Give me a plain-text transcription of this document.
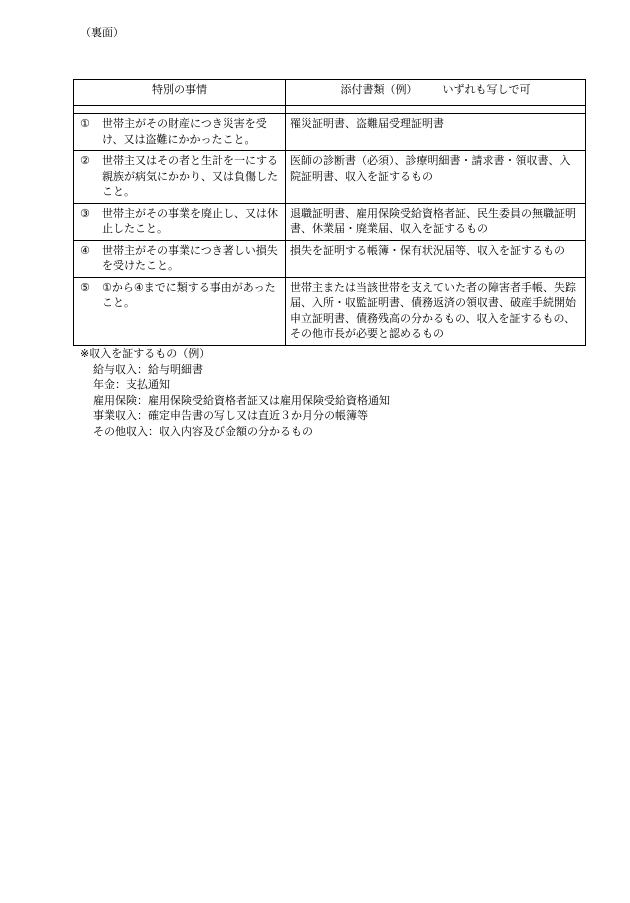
（裏面）
特別の事情	添付書類（例） いずれも写しで可

① 世帯主がその財産につき災害を受け、又は盗難にかかったこと。	罹災証明書、盗難届受理証明書

② 世帯主又はその者と生計を一にする親族が病気にかかり、又は負傷したこと。	医師の診断書（必須）、診療明細書・請求書・領収書、入院証明書、収入を証するもの

③ 世帯主がその事業を廃止し、又は休止したこと。	退職証明書、雇用保険受給資格者証、民生委員の無職証明書、休業届・廃業届、収入を証するもの

④ 世帯主がその事業につき著しい損失を受けたこと。	損失を証明する帳簿・保有状況届等、収入を証するもの

⑤ ①から④までに類する事由があったこと。	世帯主または当該世帯を支えていた者の障害者手帳、失踪届、入所・収監証明書、債務返済の領収書、破産手続開始申立証明書、債務残高の分かるもの、収入を証するもの、その他市長が必要と認めるもの
※収入を証するもの（例）
給与収入：給与明細書
年金：支払通知
雇用保険：雇用保険受給資格者証又は雇用保険受給資格通知
事業収入：確定申告書の写し又は直近３か月分の帳簿等
その他収入：収入内容及び金額の分かるもの
